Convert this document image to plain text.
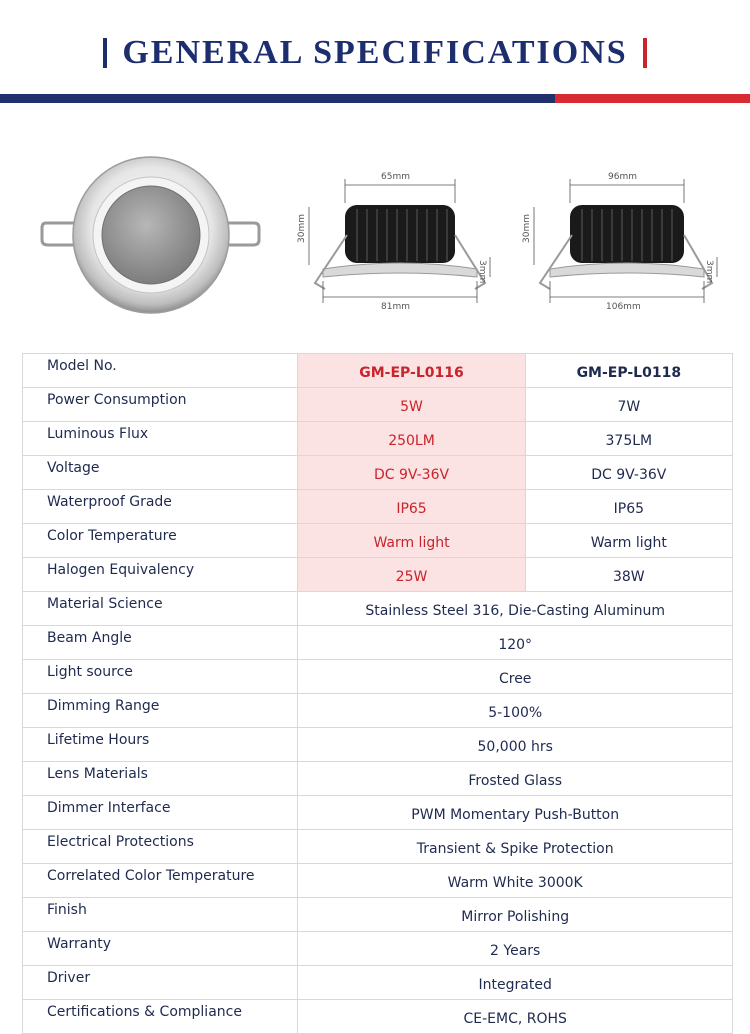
GENERAL SPECIFICATIONS
65mm
30mm
3mm
81mm
96mm
30mm
3mm
106mm
Model No.	GM-EP-L0116	GM-EP-L0118
Power Consumption	5W	7W
Luminous Flux	250LM	375LM
Voltage	DC 9V-36V	DC 9V-36V
Waterproof Grade	IP65	IP65
Color Temperature	Warm light	Warm light
Halogen Equivalency	25W	38W
Material Science	Stainless Steel 316, Die-Casting Aluminum	
Beam Angle	120°	
Light source	Cree	
Dimming Range	5-100%	
Lifetime Hours	50,000 hrs	
Lens Materials	Frosted Glass	
Dimmer Interface	PWM Momentary Push-Button	
Electrical Protections	Transient & Spike Protection	
Correlated Color Temperature	Warm White 3000K	
Finish	Mirror Polishing	
Warranty	2 Years	
Driver	Integrated	
Certifications & Compliance	CE-EMC, ROHS	
